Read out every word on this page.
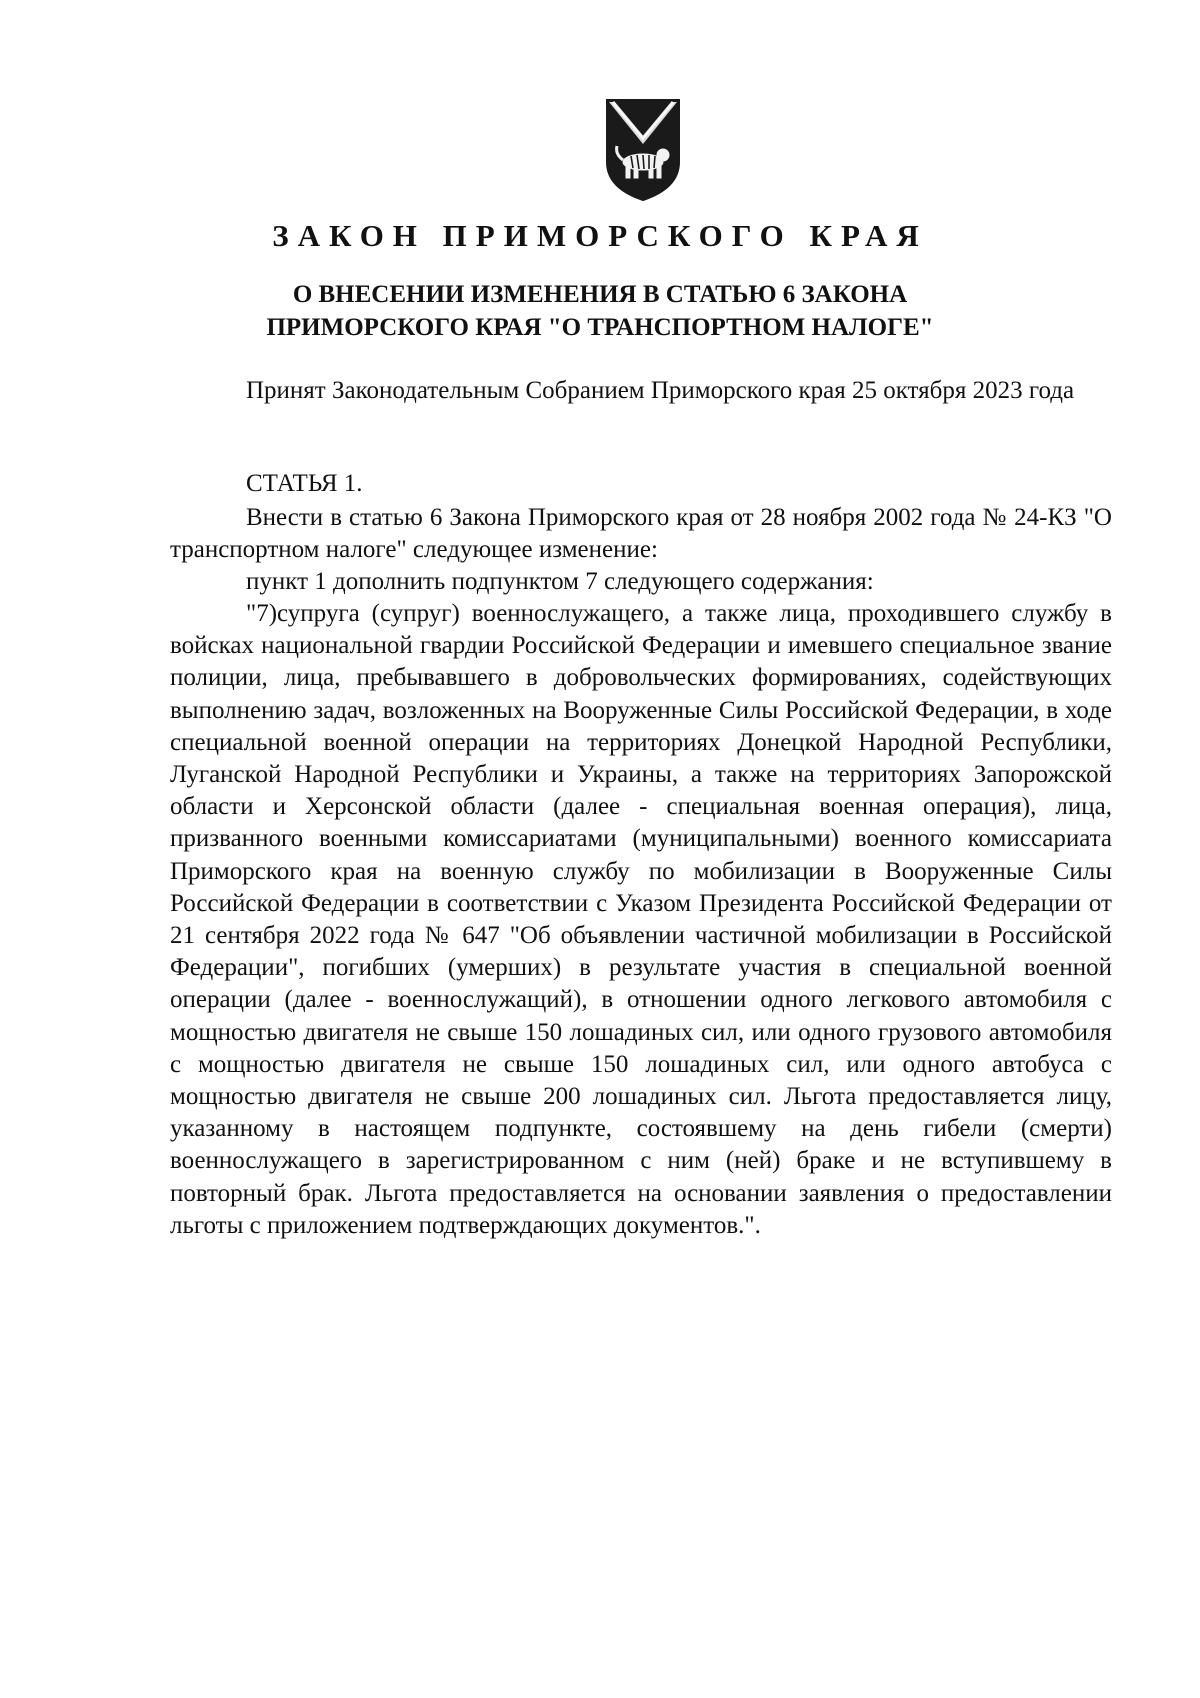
ЗАКОН ПРИМОРСКОГО КРАЯ
О ВНЕСЕНИИ ИЗМЕНЕНИЯ В СТАТЬЮ 6 ЗАКОНА
ПРИМОРСКОГО КРАЯ "О ТРАНСПОРТНОМ НАЛОГЕ"

Принят Законодательным Собранием Приморского края 25 октября 2023 года

СТАТЬЯ 1.

Внести в статью 6 Закона Приморского края от 28 ноября 2002 года № 24-КЗ "О транспортном налоге" следующее изменение:

пункт 1 дополнить подпунктом 7 следующего содержания:

"7)супруга (супруг) военнослужащего, а также лица, проходившего службу в войсках национальной гвардии Российской Федерации и имевшего специальное звание полиции, лица, пребывавшего в добровольческих формированиях, содействующих выполнению задач, возложенных на Вооруженные Силы Российской Федерации, в ходе специальной военной операции на территориях Донецкой Народной Республики, Луганской Народной Республики и Украины, а также на территориях Запорожской области и Херсонской области (далее - специальная военная операция), лица, призванного военными комиссариатами (муниципальными) военного комиссариата Приморского края на военную службу по мобилизации в Вооруженные Силы Российской Федерации в соответствии с Указом Президента Российской Федерации от 21 сентября 2022 года № 647 "Об объявлении частичной мобилизации в Российской Федерации", погибших (умерших) в результате участия в специальной военной операции (далее - военнослужащий), в отношении одного легкового автомобиля с мощностью двигателя не свыше 150 лошадиных сил, или одного грузового автомобиля с мощностью двигателя не свыше 150 лошадиных сил, или одного автобуса с мощностью двигателя не свыше 200 лошадиных сил. Льгота предоставляется лицу, указанному в настоящем подпункте, состоявшему на день гибели (смерти) военнослужащего в зарегистрированном с ним (ней) браке и не вступившему в повторный брак. Льгота предоставляется на основании заявления о предоставлении льготы с приложением подтверждающих документов.".
